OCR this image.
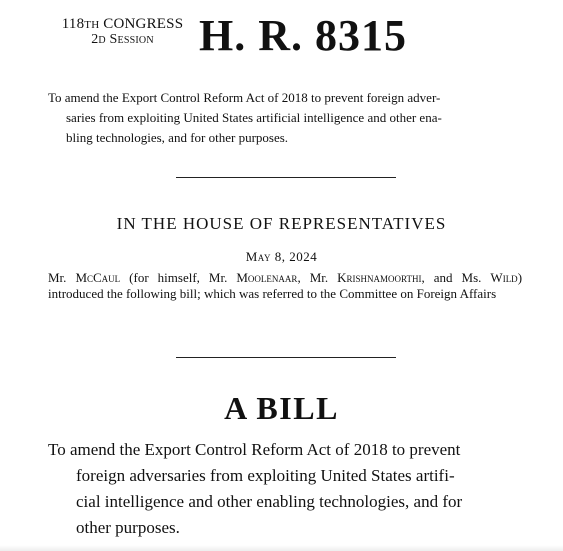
118th CONGRESS
2d Session	H. R. 8315
To amend the Export Control Reform Act of 2018 to prevent foreign adver-
saries from exploiting United States artificial intelligence and other ena-
bling technologies, and for other purposes.
IN THE HOUSE OF REPRESENTATIVES
May 8, 2024
Mr. McCaul (for himself, Mr. Moolenaar, Mr. Krishnamoorthi, and Ms. Wild) introduced the following bill; which was referred to the Committee on Foreign Affairs
A BILL
To amend the Export Control Reform Act of 2018 to prevent
foreign adversaries from exploiting United States artifi-
cial intelligence and other enabling technologies, and for
other purposes.
